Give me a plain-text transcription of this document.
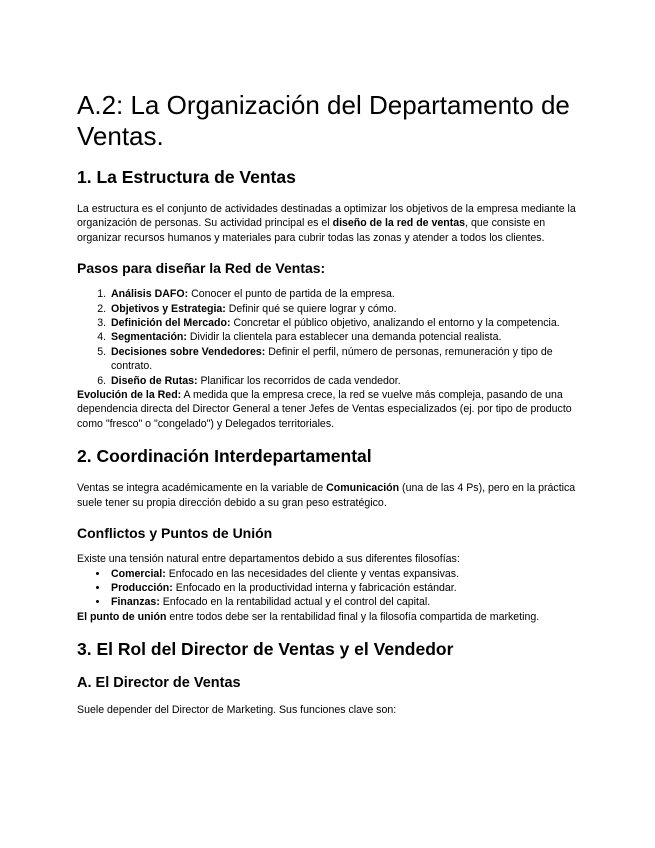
A.2: La Organización del Departamento de Ventas.
1. La Estructura de Ventas

La estructura es el conjunto de actividades destinadas a optimizar los objetivos de la empresa mediante la organización de personas. Su actividad principal es el diseño de la red de ventas, que consiste en organizar recursos humanos y materiales para cubrir todas las zonas y atender a todos los clientes.

Pasos para diseñar la Red de Ventas:
1. Análisis DAFO: Conocer el punto de partida de la empresa.
2. Objetivos y Estrategia: Definir qué se quiere lograr y cómo.
3. Definición del Mercado: Concretar el público objetivo, analizando el entorno y la competencia.
4. Segmentación: Dividir la clientela para establecer una demanda potencial realista.
5. Decisiones sobre Vendedores: Definir el perfil, número de personas, remuneración y tipo de contrato.
6. Diseño de Rutas: Planificar los recorridos de cada vendedor.

Evolución de la Red: A medida que la empresa crece, la red se vuelve más compleja, pasando de una dependencia directa del Director General a tener Jefes de Ventas especializados (ej. por tipo de producto como "fresco" o "congelado") y Delegados territoriales.

2. Coordinación Interdepartamental

Ventas se integra académicamente en la variable de Comunicación (una de las 4 Ps), pero en la práctica suele tener su propia dirección debido a su gran peso estratégico.

Conflictos y Puntos de Unión

Existe una tensión natural entre departamentos debido a sus diferentes filosofías:

• Comercial: Enfocado en las necesidades del cliente y ventas expansivas.
• Producción: Enfocado en la productividad interna y fabricación estándar.
• Finanzas: Enfocado en la rentabilidad actual y el control del capital.

El punto de unión entre todos debe ser la rentabilidad final y la filosofía compartida de marketing.

3. El Rol del Director de Ventas y el Vendedor
A. El Director de Ventas

Suele depender del Director de Marketing. Sus funciones clave son:
